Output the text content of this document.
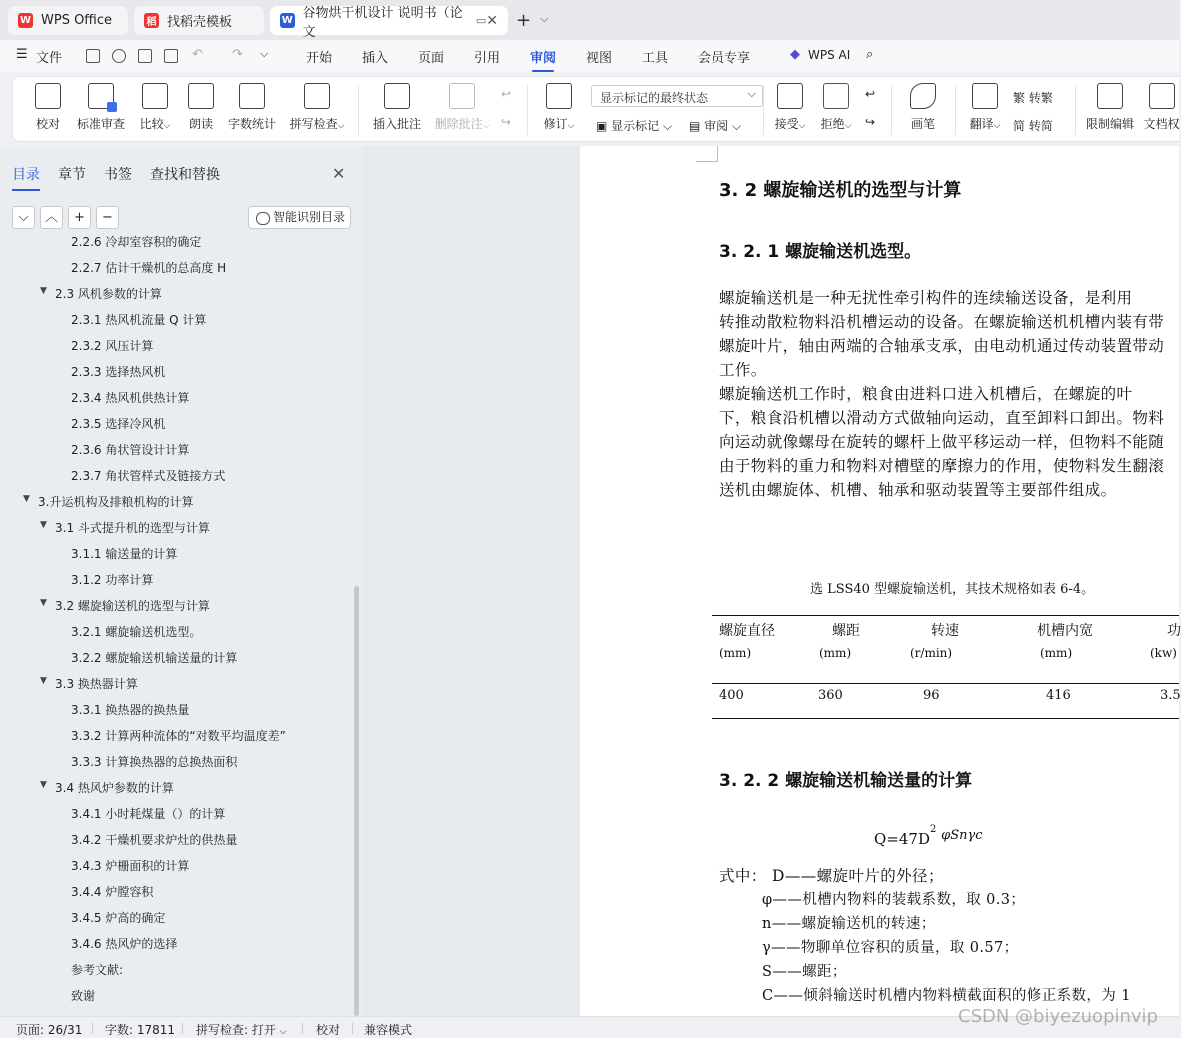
W WPS Office	稻 找稻壳模板	W 谷物烘干机设计 说明书（论文
▭ ✕ + ⌵
☰ 文件	↶ ↷ ⌵	开始 插入 页面 引用 审阅 视图 工具 会员专享	◆ WPS AI ⌕
校对 标准审查	比较⌵	朗读 字数统计 拼写检查⌵ 插入批注 删除批注⌵
↩
↪	修订⌵
显示标记的最终状态 ⌵
▣ 显示标记 ⌵ ▤ 审阅 ⌵	接受⌵ 拒绝⌵
↩
↪	画笔	翻译⌵
繁 转繁
简 转简	限制编辑 文档权
目录 章节 书签 查找和替换	✕
⌵	︿	+	−	智能识别目录
2.2.6 冷却室容积的确定
2.2.7 估计干燥机的总高度 H
▼ 2.3 风机参数的计算
2.3.1 热风机流量 Q 计算
2.3.2 风压计算
2.3.3 选择热风机
2.3.4 热风机供热计算
2.3.5 选择冷风机
2.3.6 角状管设计计算
2.3.7 角状管样式及链接方式
▼ 3.升运机构及排粮机构的计算
▼ 3.1 斗式提升机的选型与计算
3.1.1 输送量的计算
3.1.2 功率计算
▼ 3.2 螺旋输送机的选型与计算
3.2.1 螺旋输送机选型。
3.2.2 螺旋输送机输送量的计算
▼ 3.3 换热器计算
3.3.1 换热器的换热量
3.3.2 计算两种流体的“对数平均温度差”
3.3.3 计算换热器的总换热面积
▼ 3.4 热风炉参数的计算
3.4.1 小时耗煤量（）的计算
3.4.2 干燥机要求炉灶的供热量
3.4.3 炉栅面积的计算
3.4.4 炉膛容积
3.4.5 炉高的确定
3.4.6 热风炉的选择
参考文献:
致谢
3. 2 螺旋输送机的选型与计算
3. 2. 1 螺旋输送机选型。
螺旋输送机是一种无扰性牵引构件的连续输送设备，是利用
转推动散粒物料沿机槽运动的设备。在螺旋输送机机槽内装有带
螺旋叶片，轴由两端的合轴承支承，由电动机通过传动装置带动
工作。
螺旋输送机工作时，粮食由进料口进入机槽后，在螺旋的叶
下，粮食沿机槽以滑动方式做轴向运动，直至卸料口卸出。物料
向运动就像螺母在旋转的螺杆上做平移运动一样，但物料不能随
由于物料的重力和物料对槽壁的摩擦力的作用，使物料发生翻滚
送机由螺旋体、机槽、轴承和驱动装置等主要部件组成。
选 LSS40 型螺旋输送机，其技术规格如表 6-4。
螺旋直径	螺距	转速	机槽内宽	功
(mm)	(mm)	(r/min)	(mm)	(kw)
400	360	96	416	3.5
3. 2. 2 螺旋输送机输送量的计算
$Q=47D^2$ φSnγc
式中： D——螺旋叶片的外径；
φ——机槽内物料的装载系数，取 0.3；
n——螺旋输送机的转速；
γ——物聊单位容积的质量，取 0.57；
S——螺距；
C——倾斜输送时机槽内物料横截面积的修正系数，为 1
页面: 26/31 字数: 17811 拼写检查: 打开 ⌵ 校对 兼容模式
CSDN @biyezuopinvip
